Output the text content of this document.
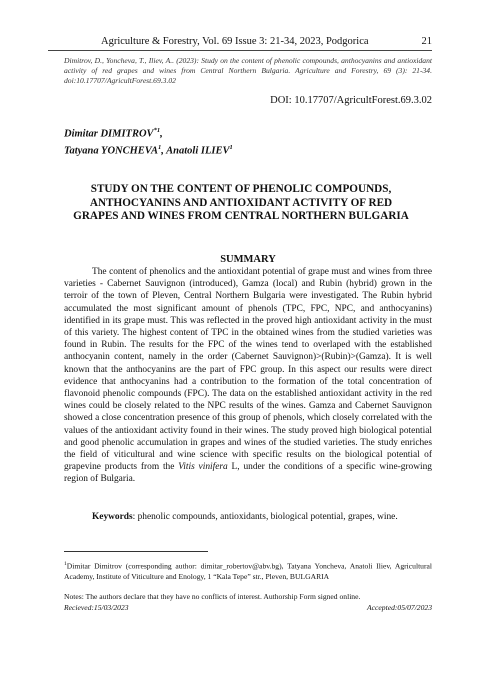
Agriculture & Forestry, Vol. 69 Issue 3: 21-34, 2023, Podgorica	21
Dimitrov, D., Yoncheva, T., Iliev, A.. (2023): Study on the content of phenolic compounds, anthocyanins and antioxidant activity of red grapes and wines from Central Northern Bulgaria. Agriculture and Forestry, 69 (3): 21-34. doi:10.17707/AgricultForest.69.3.02
DOI: 10.17707/AgricultForest.69.3.02
Dimitar DIMITROV$^{*1}$,
Tatyana YONCHEVA$^1$, Anatoli ILIEV$^1$
STUDY ON THE CONTENT OF PHENOLIC COMPOUNDS, ANTHOCYANINS AND ANTIOXIDANT ACTIVITY OF RED GRAPES AND WINES FROM CENTRAL NORTHERN BULGARIA
SUMMARY

The content of phenolics and the antioxidant potential of grape must and wines from three varieties - Cabernet Sauvignon (introduced), Gamza (local) and Rubin (hybrid) grown in the terroir of the town of Pleven, Central Northern Bulgaria were investigated. The Rubin hybrid accumulated the most significant amount of phenols (TPC, FPC, NPC, and anthocyanins) identified in its grape must. This was reflected in the proved high antioxidant activity in the must of this variety. The highest content of TPC in the obtained wines from the studied varieties was found in Rubin. The results for the FPC of the wines tend to overlaped with the established anthocyanin content, namely in the order (Cabernet Sauvignon)>(Rubin)>(Gamza). It is well known that the anthocyanins are the part of FPC group. In this aspect our results were direct evidence that anthocyanins had a contribution to the formation of the total concentration of flavonoid phenolic compounds (FPC). The data on the established antioxidant activity in the red wines could be closely related to the NPC results of the wines. Gamza and Cabernet Sauvignon showed a close concentration presence of this group of phenols, which closely correlated with the values of the antioxidant activity found in their wines. The study proved high biological potential and good phenolic accumulation in grapes and wines of the studied varieties. The study enriches the field of viticultural and wine science with specific results on the biological potential of grapevine products from the Vitis vinifera L, under the conditions of a specific wine-growing region of Bulgaria.

Keywords: phenolic compounds, antioxidants, biological potential, grapes, wine.

$^1$Dimitar Dimitrov (corresponding author: dimitar_robertov@abv.bg), Tatyana Yoncheva, Anatoli Iliev, Agricultural Academy, Institute of Viticulture and Enology, 1 “Kala Tepe” str., Pleven, BULGARIA
Notes: The authors declare that they have no conflicts of interest. Authorship Form signed online.
Recieved:15/03/2023	Accepted:05/07/2023
